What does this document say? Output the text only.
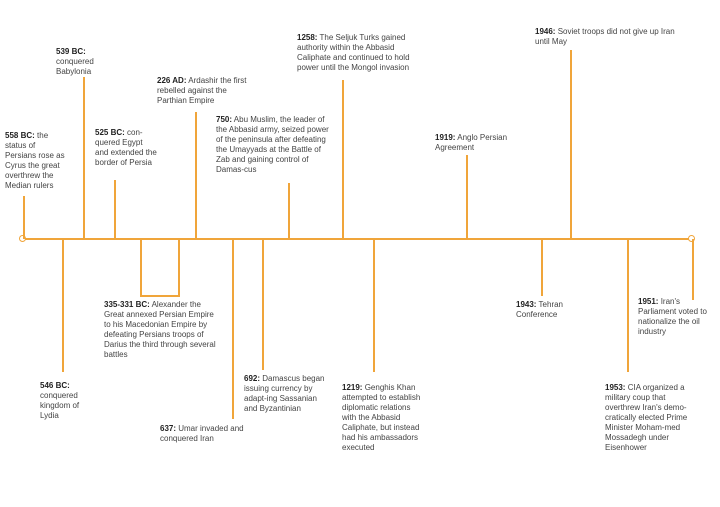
558 BC: the status of Persians rose as Cyrus the great overthrew the Median rulers
539 BC:
conquered Babylonia
525 BC: con-quered Egypt and extended the border of Persia
226 AD: Ardashir the first rebelled against the Parthian Empire
750: Abu Muslim, the leader of the Abbasid army, seized power of the peninsula after defeating the Umayyads at the Battle of Zab and gaining control of Damas-cus
1258: The Seljuk Turks gained authority within the Abbasid Caliphate and continued to hold power until the Mongol invasion
1919: Anglo Persian Agreement
1946: Soviet troops did not give up Iran until May
546 BC:
conquered kingdom of Lydia
335-331 BC: Alexander the Great annexed Persian Empire to his Macedonian Empire by defeating Persians troops of Darius the third through several battles
637: Umar invaded and conquered Iran
692: Damascus began issuing currency by adapt-ing Sassanian and Byzantinian
1219: Genghis Khan attempted to establish diplomatic relations with the Abbasid Caliphate, but instead had his ambassadors executed
1943: Tehran Conference
1953: CIA organized a military coup that overthrew Iran's demo-cratically elected Prime Minister Moham-med Mossadegh under Eisenhower
1951: Iran's Parliament voted to nationalize the oil industry
